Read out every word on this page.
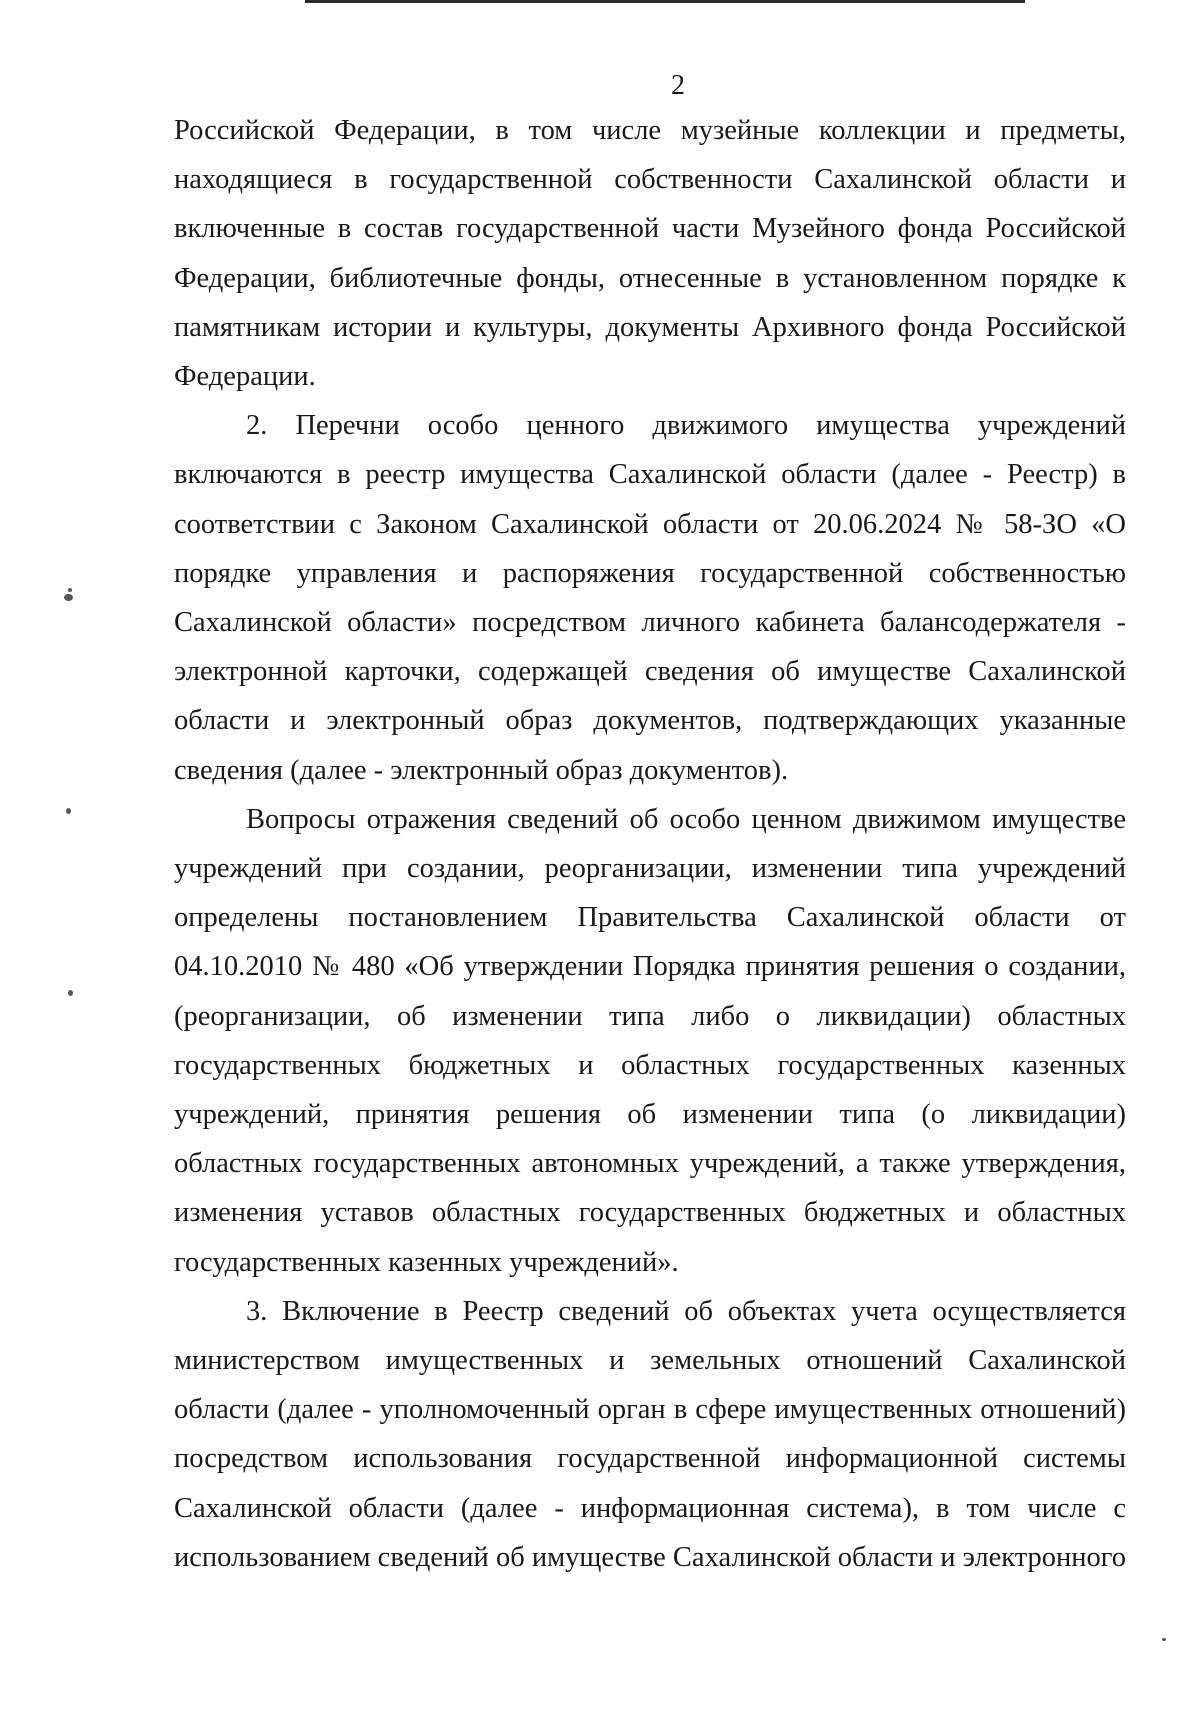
2

Российской Федерации, в том числе музейные коллекции и предметы, находящиеся в государственной собственности Сахалинской области и включенные в состав государственной части Музейного фонда Российской Федерации, библиотечные фонды, отнесенные в установленном порядке к памятникам истории и культуры, документы Архивного фонда Российской Федерации.

2. Перечни особо ценного движимого имущества учреждений включаются в реестр имущества Сахалинской области (далее - Реестр) в соответствии с Законом Сахалинской области от 20.06.2024 № 58-ЗО «О порядке управления и распоряжения государственной собственностью Сахалинской области» посредством личного кабинета балансодержателя - электронной карточки, содержащей сведения об имуществе Сахалинской области и электронный образ документов, подтверждающих указанные сведения (далее - электронный образ документов).

Вопросы отражения сведений об особо ценном движимом имуществе учреждений при создании, реорганизации, изменении типа учреждений определены постановлением Правительства Сахалинской области от 04.10.2010 № 480 «Об утверждении Порядка принятия решения о создании, (реорганизации, об изменении типа либо о ликвидации) областных государственных бюджетных и областных государственных казенных учреждений, принятия решения об изменении типа (о ликвидации) областных государственных автономных учреждений, а также утверждения, изменения уставов областных государственных бюджетных и областных государственных казенных учреждений».

3. Включение в Реестр сведений об объектах учета осуществляется министерством имущественных и земельных отношений Сахалинской области (далее - уполномоченный орган в сфере имущественных отношений) посредством использования государственной информационной системы Сахалинской области (далее - информационная система), в том числе с использованием сведений об имуществе Сахалинской области и электронного
